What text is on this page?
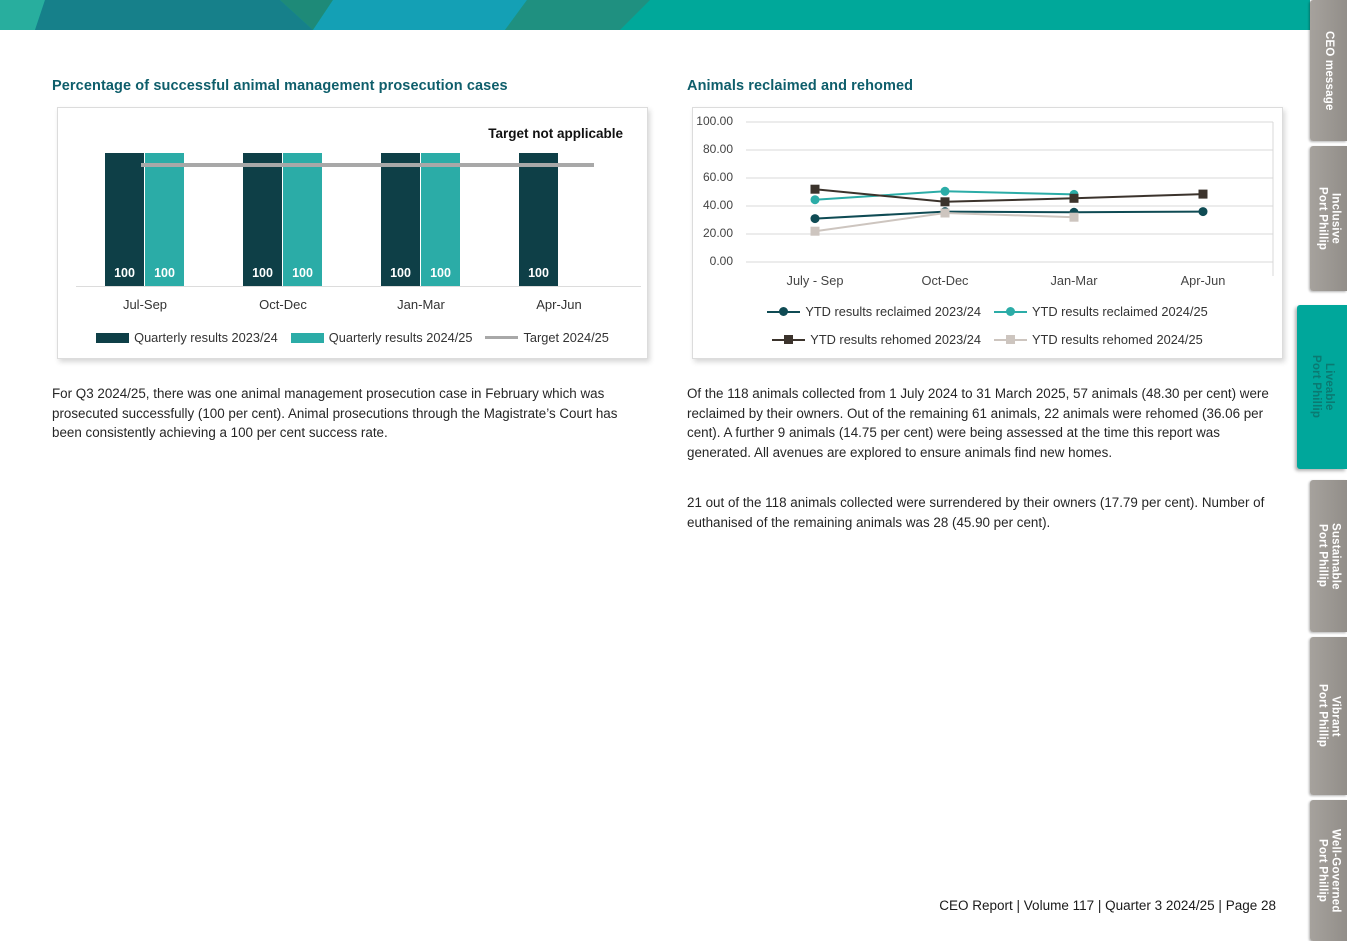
Percentage of successful animal management prosecution cases	Animals reclaimed and rehomed
Target not applicable
100	100
Jul-Sep
100	100
Oct-Dec
100	100
Jan-Mar
100
Apr-Jun
Quarterly results 2023/24	Quarterly results 2024/25	Target 2024/25
100.00
80.00
60.00
40.00
20.00
0.00
July - Sep	Oct-Dec	Jan-Mar	Apr-Jun
YTD results reclaimed 2023/24	YTD results reclaimed 2024/25
YTD results rehomed 2023/24	YTD results rehomed 2024/25

For Q3 2024/25, there was one animal management prosecution case in February which was prosecuted successfully (100 per cent). Animal prosecutions through the Magistrate’s Court has been consistently achieving a 100 per cent success rate.

Of the 118 animals collected from 1 July 2024 to 31 March 2025, 57 animals (48.30 per cent) were reclaimed by their owners. Out of the remaining 61 animals, 22 animals were rehomed (36.06 per cent). A further 9 animals (14.75 per cent) were being assessed at the time this report was generated. All avenues are explored to ensure animals find new homes.

21 out of the 118 animals collected were surrendered by their owners (17.79 per cent). Number of euthanised of the remaining animals was 28 (45.90 per cent).

CEO Report | Volume 117 | Quarter 3 2024/25 | Page 28
CEO message
Inclusive
Port Phillip
Liveable
Port Phillip
Sustainable
Port Phillip
Vibrant
Port Phillip
Well-Governed
Port Phillip
